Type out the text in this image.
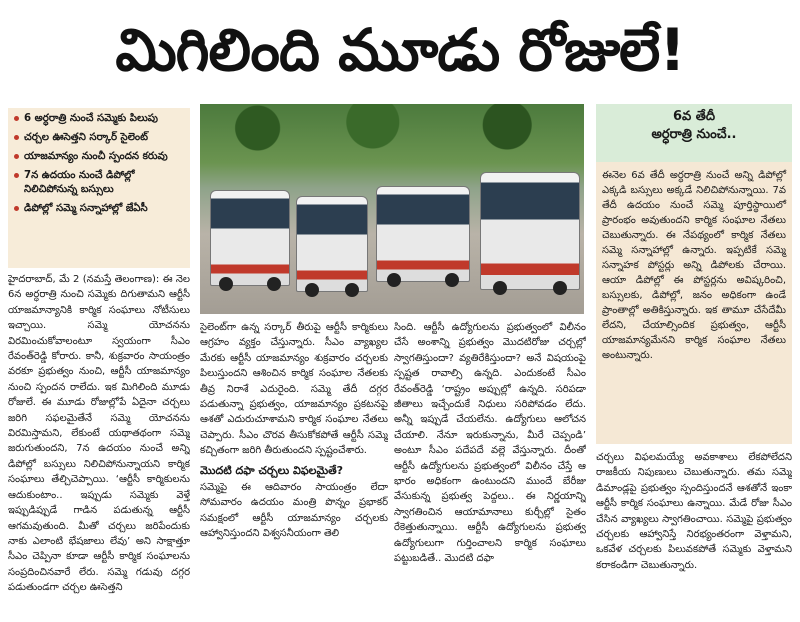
మిగిలింది మూడు రోజులే!
6 అర్ధరాత్రి నుంచే సమ్మెకు పిలుపు
చర్చల ఊసెత్తని సర్కార్ సైలెంట్
యాజమాన్యం నుంచీ స్పందన కరువు
7న ఉదయం నుంచే డిపోల్లో నిలిచిపోనున్న బస్సులు
డిపోల్లో సమ్మె సన్నాహాల్లో జేఏసీ
6వ తేదీ
అర్ధరాత్రి నుంచే..

ఈనెల 6వ తేదీ అర్ధరాత్రి నుంచే అన్ని డిపోల్లో ఎక్కడి బస్సులు అక్కడే నిలిచిపోనున్నాయి. 7వ తేదీ ఉదయం నుంచే సమ్మె పూర్తిస్థాయిలో ప్రారంభం అవుతుందని కార్మిక సంఘాల నేతలు చెబుతున్నారు. ఈ నేపథ్యంలో కార్మిక నేతలు సమ్మె సన్నాహాల్లో ఉన్నారు. ఇప్పటికే సమ్మె సన్నాహక పోస్టర్లు అన్ని డిపోలకు చేరాయి. ఆయా డిపోల్లో ఈ పోస్టర్లను అవిష్కరించి, బస్సులకు, డిపోల్లో, జనం అధికంగా ఉండే ప్రాంతాల్లో అతికిస్తున్నారు. ఇక తామూ చేసేదేమీ లేదని, చేయాల్సిందిక ప్రభుత్వం, ఆర్టీసీ యాజమాన్యమేనని కార్మిక సంఘాల నేతలు అంటున్నారు.

హైదరాబాద్, మే 2 (నమస్తే తెలంగాణ): ఈ నెల 6న అర్ధరాత్రి నుంచి సమ్మెకు దిగుతామని ఆర్టీసీ యాజమాన్యానికి కార్మిక సంఘాలు నోటీసులు ఇచ్చాయి. సమ్మె యోచనను విరమించుకోవాలంటూ స్వయంగా సీఎం రేవంత్‌రెడ్డి కోరారు. కానీ, శుక్రవారం సాయంత్రం వరకూ ప్రభుత్వం నుంచి, ఆర్టీసీ యాజమాన్యం నుంచి స్పందన రాలేదు. ఇక మిగిలింది మూడు రోజులే. ఈ మూడు రోజుల్లోపే ఏదైనా చర్చలు జరిగి సఫలమైతేనే సమ్మె యోచనను విరమిస్తామని, లేకుంటే యథాతథంగా సమ్మె జరుగుతుందని, 7న ఉదయం నుంచే అన్ని డిపోల్లో బస్సులు నిలిచిపోనున్నాయని కార్మిక సంఘాలు తేల్చిచెప్పాయి. ‘ఆర్టీసీ కార్మికులను ఆదుకుంటాం.. ఇప్పుడు సమ్మెకు వెళ్తే ఇప్పుడిప్పుడే గాడిన పడుతున్న ఆర్టీసీ ఆగమవుతుంది. మీతో చర్చలు జరిపేందుకు నాకు ఎలాంటి భేషజాలు లేవు’ అని సాక్షాత్తూ సీఎం చెప్పినా కూడా ఆర్టీసీ కార్మిక సంఘాలను సంప్రదించినవారే లేరు. సమ్మె గడువు దగ్గర పడుతుండగా చర్చల ఊసెత్తని
సైలెంట్‌గా ఉన్న సర్కార్ తీరుపై ఆర్టీసీ కార్మికులు ఆగ్రహం వ్యక్తం చేస్తున్నారు. సీఎం వ్యాఖ్యల మేరకు ఆర్టీసీ యాజమాన్యం శుక్రవారం చర్చలకు పిలుస్తుందని ఆశించిన కార్మిక సంఘాల నేతలకు తీవ్ర నిరాశే ఎదురైంది. సమ్మె తేదీ దగ్గర పడుతున్నా ప్రభుత్వం, యాజమాన్యం ప్రకటనపై ఆశతో ఎదురుచూశామని కార్మిక సంఘాల నేతలు చెప్పారు. సీఎం చొరవ తీసుకోకపోతే ఆర్టీసీ సమ్మె కచ్చితంగా జరిగి తీరుతుందని స్పష్టంచేశారు.
మొదటి దఫా చర్చలు విఫలమైతే?
సమ్మెపై ఈ ఆదివారం సాయంత్రం లేదా సోమవారం ఉదయం మంత్రి పొన్నం ప్రభాకర్ సమక్షంలో ఆర్టీసీ యాజమాన్యం చర్చలకు ఆహ్వానిస్తుందని విశ్వసనీయంగా తెలి
సింది. ఆర్టీసీ ఉద్యోగులను ప్రభుత్వంలో విలీనం చేసే అంశాన్ని ప్రభుత్వం మొదటిరోజు చర్చల్లో స్వాగతిస్తుందా? వ్యతిరేకిస్తుందా? అనే విషయంపై స్పష్టత రావాల్సి ఉన్నది. ఎందుకంటే సీఎం రేవంత్‌రెడ్డి ‘రాష్ట్రం అప్పుల్లో ఉన్నది. సరిపడా జీతాలు ఇచ్చేందుకే నిధులు సరిపోవడం లేదు. అన్నీ ఇప్పుడే చేయలేను. ఉద్యోగులు ఆలోచన చేయాలి. నేనూ ఇరుకున్నాను, మీరే చెప్పండి’ అంటూ సీఎం పదేపదే వల్లె వేస్తున్నారు. దీంతో ఆర్టీసీ ఉద్యోగులను ప్రభుత్వంలో విలీనం చేస్తే ఆ భారం అధికంగా ఉంటుందని ముందే బేరీజు వేసుకున్న ప్రభుత్వ పెద్దలు.. ఈ నిర్ణయాన్ని స్వాగతించిన ఆయామానాలు కుర్చీల్లో సైతం రేకెత్తుతున్నాయి. ఆర్టీసీ ఉద్యోగులను ప్రభుత్వ ఉద్యోగులుగా గుర్తించాలని కార్మిక సంఘాలు పట్టుబడితే.. మొదటి దఫా
చర్చలు విఫలమయ్యే అవకాశాలు లేకపోలేదని రాజకీయ నిపుణులు చెబుతున్నారు. తమ సమ్మె డిమాండ్లపై ప్రభుత్వం స్పందిస్తుందనే ఆశతోనే ఇంకా ఆర్టీసీ కార్మిక సంఘాలు ఉన్నాయి. మేడే రోజు సీఎం చేసిన వ్యాఖ్యలు స్వాగతించాయి. సమ్మెపై ప్రభుత్వం చర్చలకు ఆహ్వానిస్తే నిరభ్యంతరంగా వెళ్తామని, ఒకవేళ చర్చలకు పిలువకపోతే సమ్మెకు వెళ్తామని కరాకండిగా చెబుతున్నారు.
